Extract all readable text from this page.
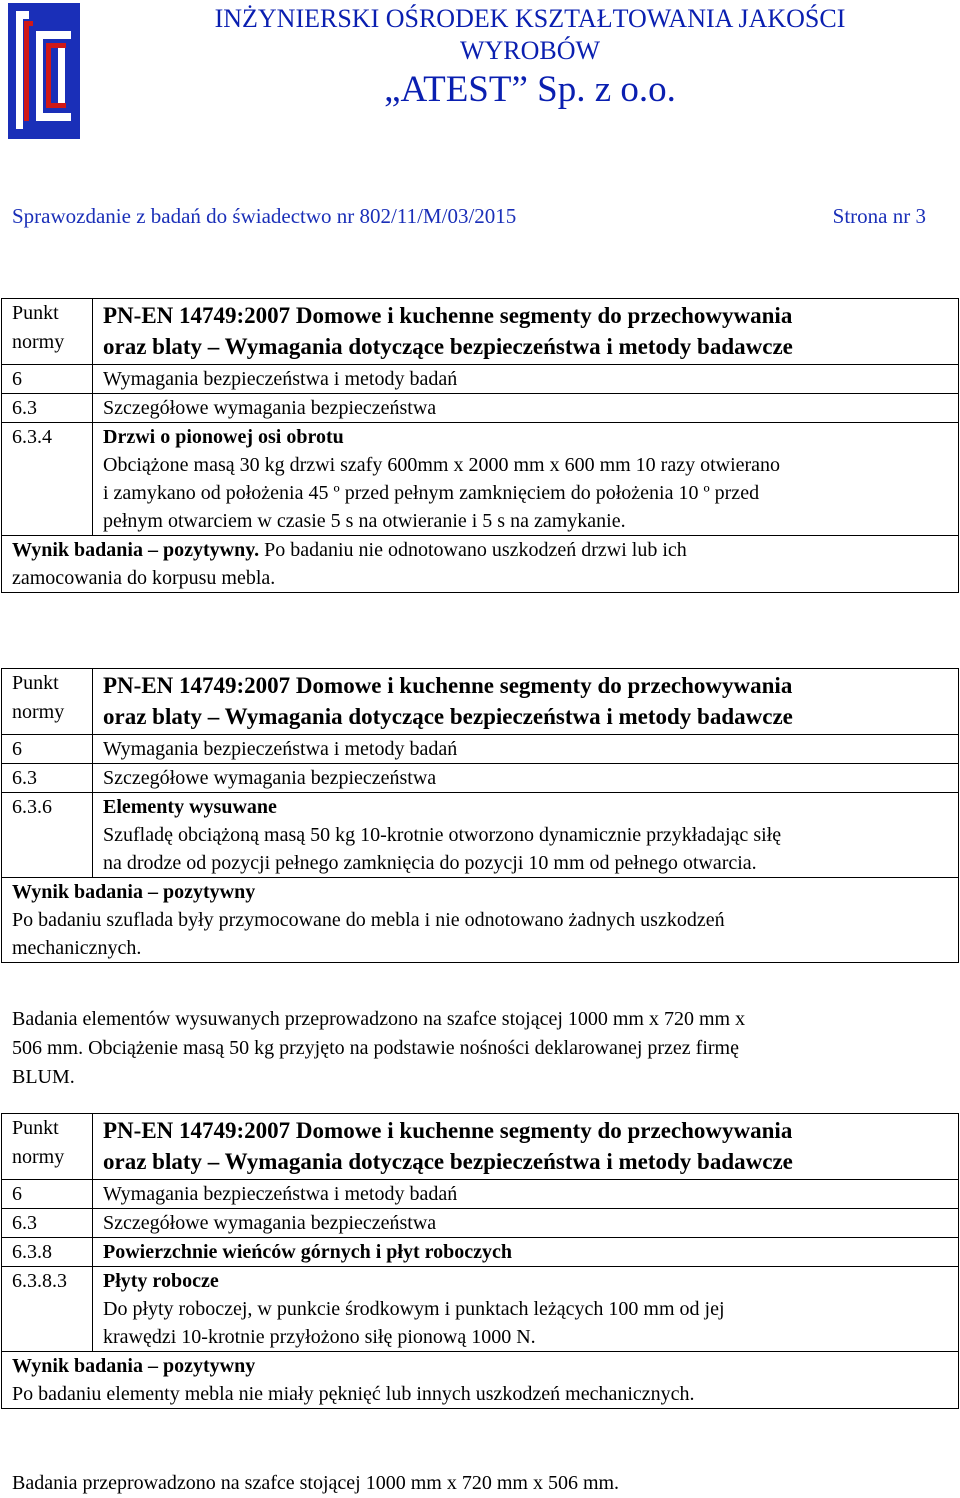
INŻYNIERSKI OŚRODEK KSZTAŁTOWANIA JAKOŚCI
WYROBÓW
„ATEST” Sp. z o.o.
Sprawozdanie z badań do świadectwo nr 802/11/M/03/2015	Strona nr 3
Punkt
normy	PN-EN 14749:2007 Domowe i kuchenne segmenty do przechowywania
oraz blaty – Wymagania dotyczące bezpieczeństwa i metody badawcze

6	Wymagania bezpieczeństwa i metody badań
6.3	Szczegółowe wymagania bezpieczeństwa
6.3.4	Drzwi o pionowej osi obrotu
Obciążone masą 30 kg drzwi szafy 600mm x 2000 mm x 600 mm 10 razy otwierano
i zamykano od położenia 45 º przed pełnym zamknięciem do położenia 10 º przed
pełnym otwarciem w czasie 5 s na otwieranie i 5 s na zamykanie.

Wynik badania – pozytywny. Po badaniu nie odnotowano uszkodzeń drzwi lub ich
zamocowania do korpusu mebla.	
Punkt
normy	PN-EN 14749:2007 Domowe i kuchenne segmenty do przechowywania
oraz blaty – Wymagania dotyczące bezpieczeństwa i metody badawcze

6	Wymagania bezpieczeństwa i metody badań
6.3	Szczegółowe wymagania bezpieczeństwa
6.3.6	Elementy wysuwane
Szufladę obciążoną masą 50 kg 10-krotnie otworzono dynamicznie przykładając siłę
na drodze od pozycji pełnego zamknięcia do pozycji 10 mm od pełnego otwarcia.

Wynik badania – pozytywny
Po badaniu szuflada były przymocowane do mebla i nie odnotowano żadnych uszkodzeń
mechanicznych.	
Badania elementów wysuwanych przeprowadzono na szafce stojącej 1000 mm x 720 mm x
506 mm. Obciążenie masą 50 kg przyjęto na podstawie nośności deklarowanej przez firmę
BLUM.
Punkt
normy	PN-EN 14749:2007 Domowe i kuchenne segmenty do przechowywania
oraz blaty – Wymagania dotyczące bezpieczeństwa i metody badawcze

6	Wymagania bezpieczeństwa i metody badań
6.3	Szczegółowe wymagania bezpieczeństwa
6.3.8	Powierzchnie wieńców górnych i płyt roboczych
6.3.8.3	Płyty robocze
Do płyty roboczej, w punkcie środkowym i punktach leżących 100 mm od jej
krawędzi 10-krotnie przyłożono siłę pionową 1000 N.

Wynik badania – pozytywny
Po badaniu elementy mebla nie miały pęknięć lub innych uszkodzeń mechanicznych.	
Badania przeprowadzono na szafce stojącej 1000 mm x 720 mm x 506 mm.
